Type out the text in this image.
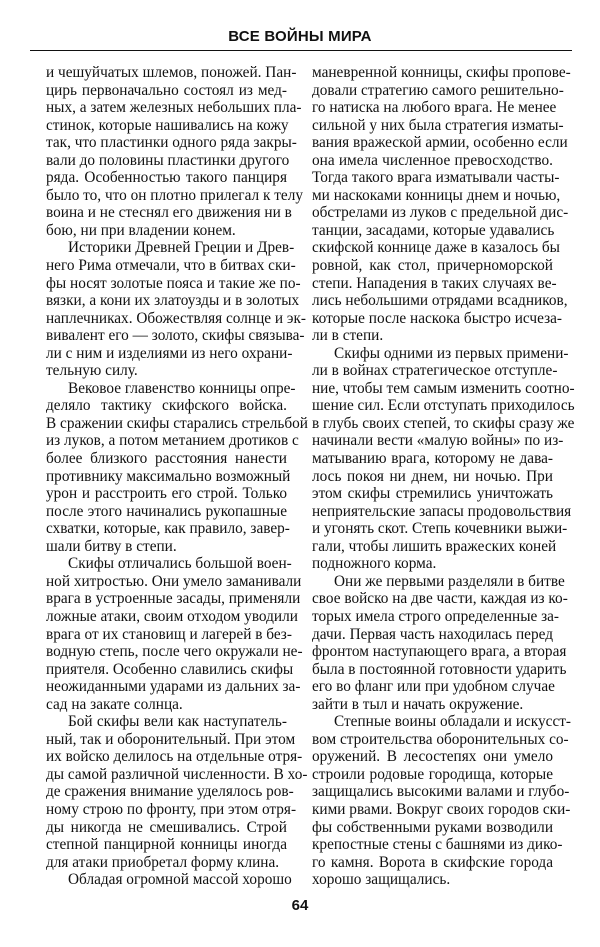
ВСЕ ВОЙНЫ МИРА
и чешуйчатых шлемов, поножей. Пан-
цирь первоначально состоял из мед-
ных, а затем железных небольших пла-
стинок, которые нашивались на кожу
так, что пластинки одного ряда закры-
вали до половины пластинки другого
ряда. Особенностью такого панциря
было то, что он плотно прилегал к телу
воина и не стеснял его движения ни в
бою, ни при владении конем.
Историки Древней Греции и Древ-
него Рима отмечали, что в битвах ски-
фы носят золотые пояса и такие же по-
вязки, а кони их златоузды и в золотых
наплечниках. Обожествляя солнце и эк-
вивалент его — золото, скифы связыва-
ли с ним и изделиями из него охрани-
тельную силу.
Вековое главенство конницы опре-
деляло тактику скифского войска.
В сражении скифы старались стрельбой
из луков, а потом метанием дротиков с
более близкого расстояния нанести
противнику максимально возможный
урон и расстроить его строй. Только
после этого начинались рукопашные
схватки, которые, как правило, завер-
шали битву в степи.
Скифы отличались большой воен-
ной хитростью. Они умело заманивали
врага в устроенные засады, применяли
ложные атаки, своим отходом уводили
врага от их становищ и лагерей в без-
водную степь, после чего окружали не-
приятеля. Особенно славились скифы
неожиданными ударами из дальних за-
сад на закате солнца.
Бой скифы вели как наступатель-
ный, так и оборонительный. При этом
их войско делилось на отдельные отря-
ды самой различной численности. В хо-
де сражения внимание уделялось ров-
ному строю по фронту, при этом отря-
ды никогда не смешивались. Строй
степной панцирной конницы иногда
для атаки приобретал форму клина.
Обладая огромной массой хорошо
маневренной конницы, скифы пропове-
довали стратегию самого решительно-
го натиска на любого врага. Не менее
сильной у них была стратегия изматы-
вания вражеской армии, особенно если
она имела численное превосходство.
Тогда такого врага изматывали часты-
ми наскоками конницы днем и ночью,
обстрелами из луков с предельной дис-
танции, засадами, которые удавались
скифской коннице даже в казалось бы
ровной, как стол, причерноморской
степи. Нападения в таких случаях ве-
лись небольшими отрядами всадников,
которые после наскока быстро исчеза-
ли в степи.
Скифы одними из первых примени-
ли в войнах стратегическое отступле-
ние, чтобы тем самым изменить соотно-
шение сил. Если отступать приходилось
в глубь своих степей, то скифы сразу же
начинали вести «малую войны» по из-
матыванию врага, которому не дава-
лось покоя ни днем, ни ночью. При
этом скифы стремились уничтожать
неприятельские запасы продовольствия
и угонять скот. Степь кочевники выжи-
гали, чтобы лишить вражеских коней
подножного корма.
Они же первыми разделяли в битве
свое войско на две части, каждая из ко-
торых имела строго определенные за-
дачи. Первая часть находилась перед
фронтом наступающего врага, а вторая
была в постоянной готовности ударить
его во фланг или при удобном случае
зайти в тыл и начать окружение.
Степные воины обладали и искусст-
вом строительства оборонительных со-
оружений. В лесостепях они умело
строили родовые городища, которые
защищались высокими валами и глубо-
кими рвами. Вокруг своих городов ски-
фы собственными руками возводили
крепостные стены с башнями из дико-
го камня. Ворота в скифские города
хорошо защищались.
64
